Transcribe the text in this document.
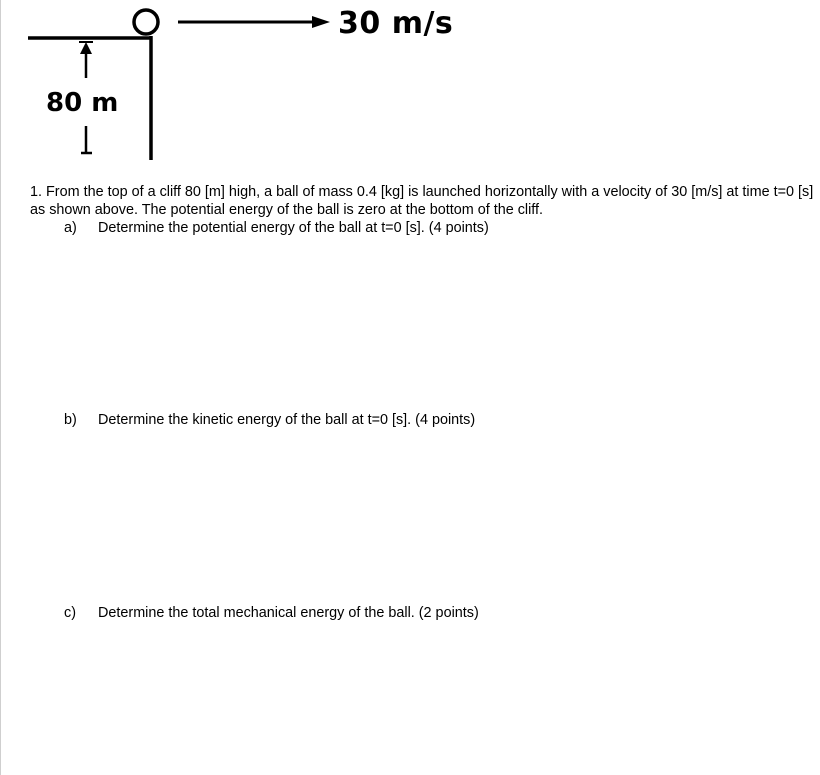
30 m/s
80 m

1. From the top of a cliff 80 [m] high, a ball of mass 0.4 [kg] is launched horizontally with a velocity of 30 [m/s] at time t=0 [s] as shown above. The potential energy of the ball is zero at the bottom of the cliff.

a) Determine the potential energy of the ball at t=0 [s]. (4 points)
b) Determine the kinetic energy of the ball at t=0 [s]. (4 points)
c) Determine the total mechanical energy of the ball. (2 points)
